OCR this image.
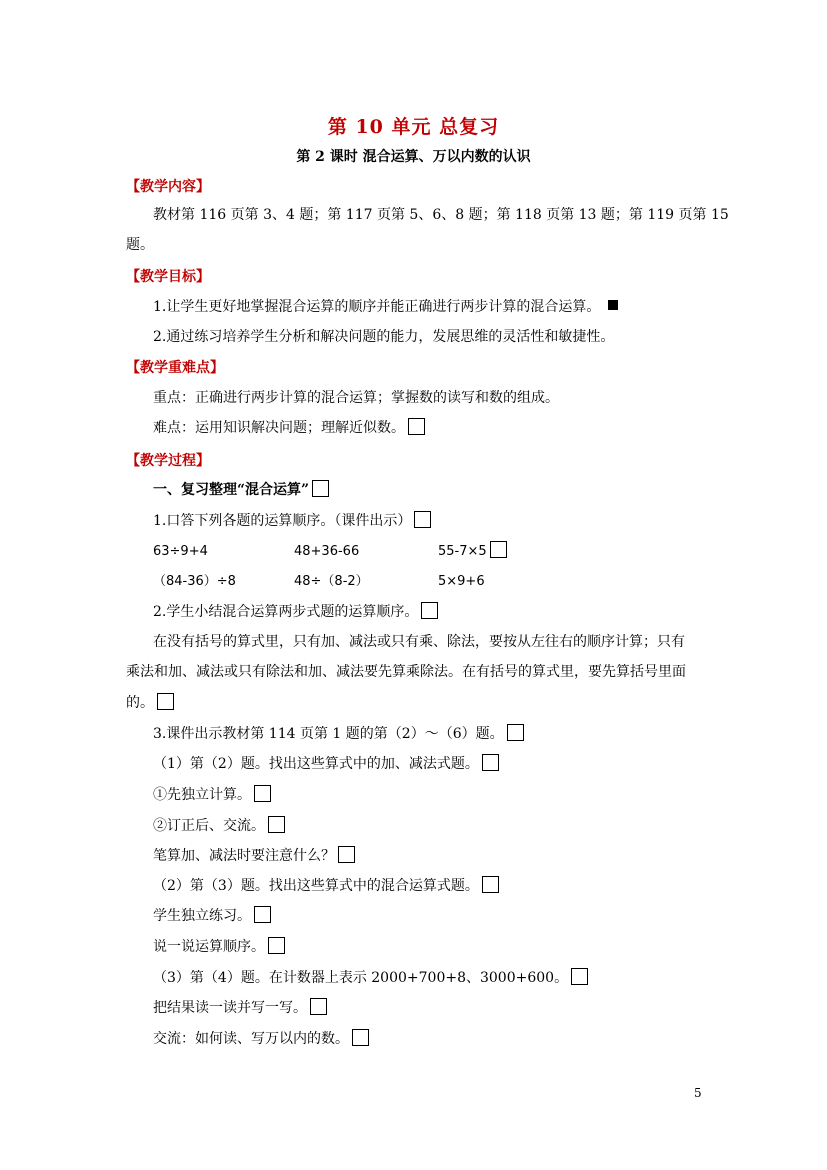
第 10 单元 总复习
第 2 课时 混合运算、万以内数的认识
【教学内容】
教材第 116 页第 3、4 题；第 117 页第 5、6、8 题；第 118 页第 13 题；第 119 页第 15
题。
【教学目标】
1.让学生更好地掌握混合运算的顺序并能正确进行两步计算的混合运算。
2.通过练习培养学生分析和解决问题的能力，发展思维的灵活性和敏捷性。
【教学重难点】
重点：正确进行两步计算的混合运算；掌握数的读写和数的组成。
难点：运用知识解决问题；理解近似数。
【教学过程】
一、复习整理“混合运算”
1.口答下列各题的运算顺序。（课件出示）
63÷9+4	48+36-66	55-7×5
（84-36）÷8	48÷（8-2）	5×9+6
2.学生小结混合运算两步式题的运算顺序。
在没有括号的算式里，只有加、减法或只有乘、除法，要按从左往右的顺序计算；只有
乘法和加、减法或只有除法和加、减法要先算乘除法。在有括号的算式里，要先算括号里面
的。
3.课件出示教材第 114 页第 1 题的第（2）～（6）题。
（1）第（2）题。找出这些算式中的加、减法式题。
①先独立计算。
②订正后、交流。
笔算加、减法时要注意什么？
（2）第（3）题。找出这些算式中的混合运算式题。
学生独立练习。
说一说运算顺序。
（3）第（4）题。在计数器上表示 2000+700+8、3000+600。
把结果读一读并写一写。
交流：如何读、写万以内的数。
5
